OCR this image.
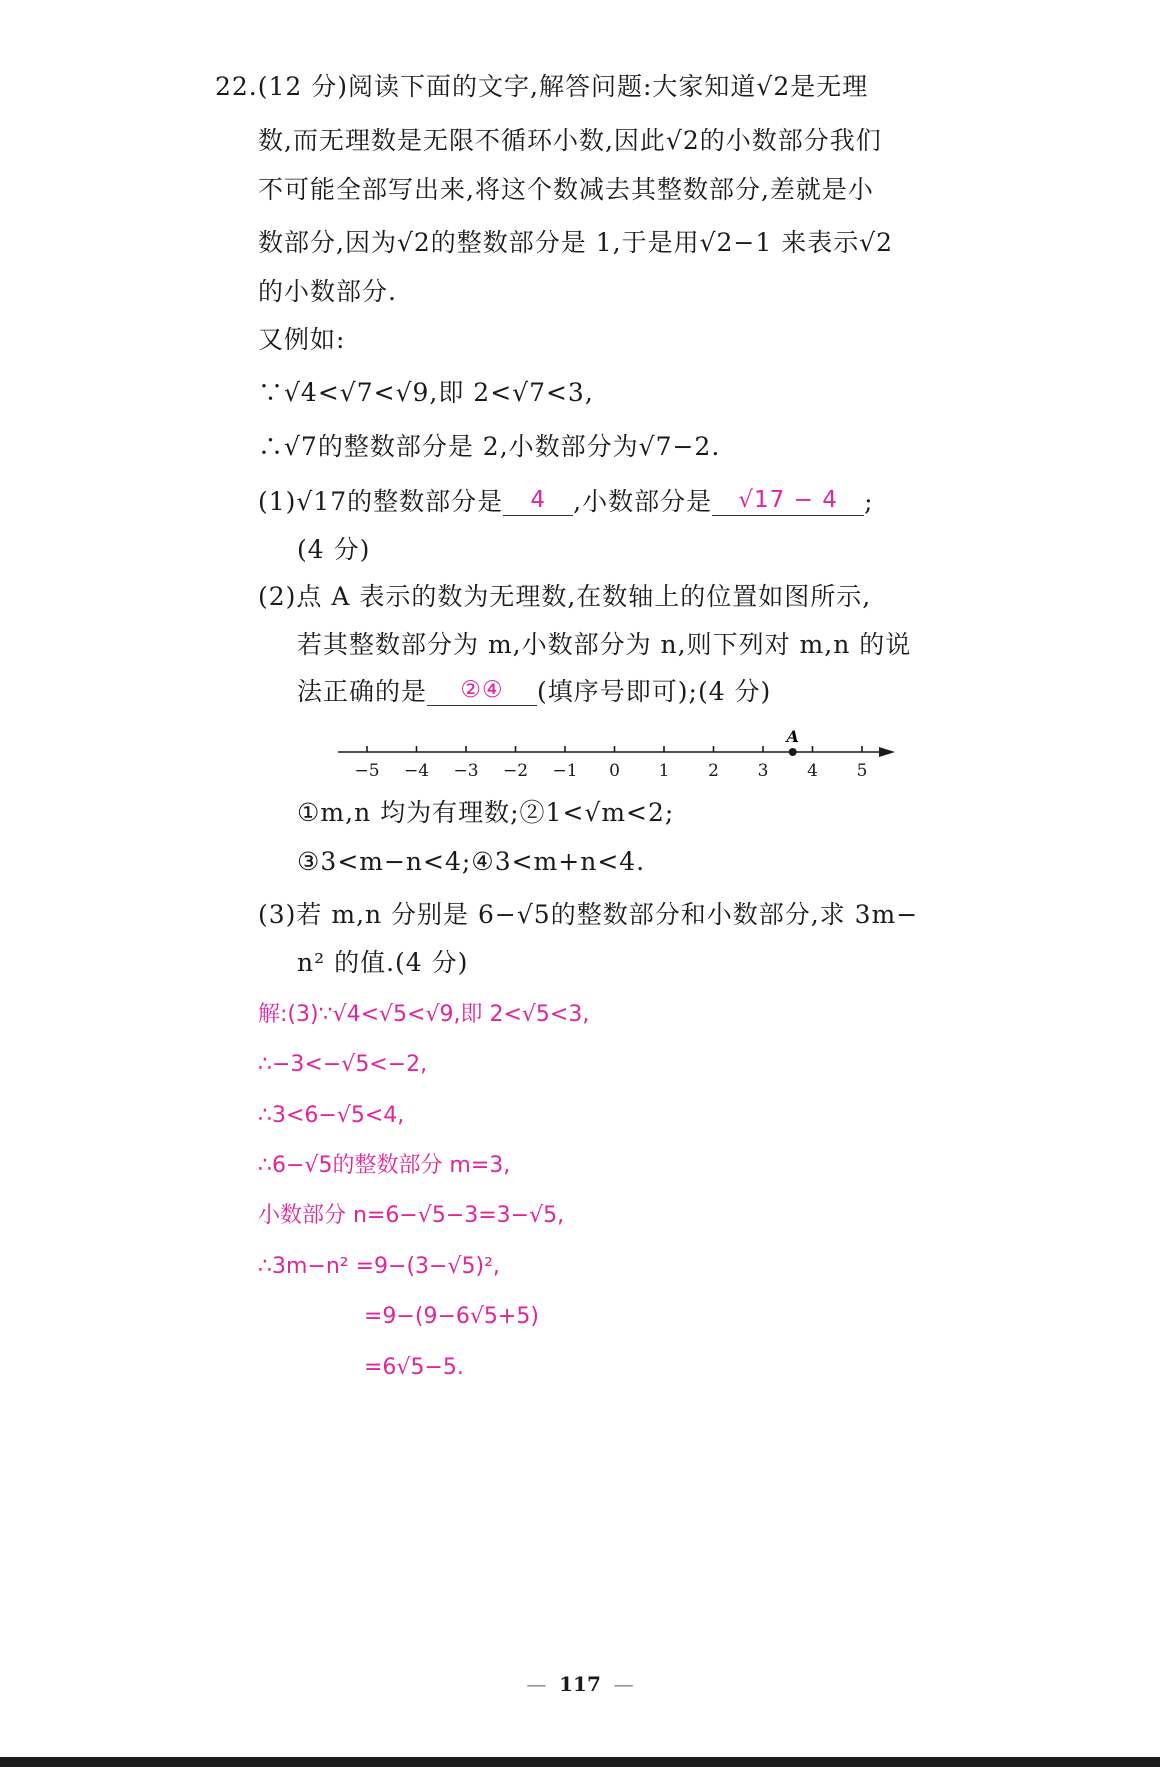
22.(12 分)阅读下面的文字,解答问题:大家知道√2是无理
数,而无理数是无限不循环小数,因此√2的小数部分我们
不可能全部写出来,将这个数减去其整数部分,差就是小
数部分,因为√2的整数部分是 1,于是用√2−1 来表示√2
的小数部分.
又例如:
∵√4<√7<√9,即 2<√7<3,
∴√7的整数部分是 2,小数部分为√7−2.
(1)√17的整数部分是 4 ,小数部分是 √17 − 4 ;
(4 分)
(2)点 A 表示的数为无理数,在数轴上的位置如图所示,
若其整数部分为 m,小数部分为 n,则下列对 m,n 的说
法正确的是 ②④ (填序号即可);(4 分)
−5 −4 −3 −2 −1 0 1 2 3 4 5
A
①m,n 均为有理数;②1<√m<2;
③3<m−n<4;④3<m+n<4.
(3)若 m,n 分别是 6−√5的整数部分和小数部分,求 3m−
n² 的值.(4 分)
解:(3)∵√4<√5<√9,即 2<√5<3,
∴−3<−√5<−2,
∴3<6−√5<4,
∴6−√5的整数部分 m=3,
小数部分 n=6−√5−3=3−√5,
∴3m−n² =9−(3−√5)²,
=9−(9−6√5+5)
=6√5−5.
—  117  —
